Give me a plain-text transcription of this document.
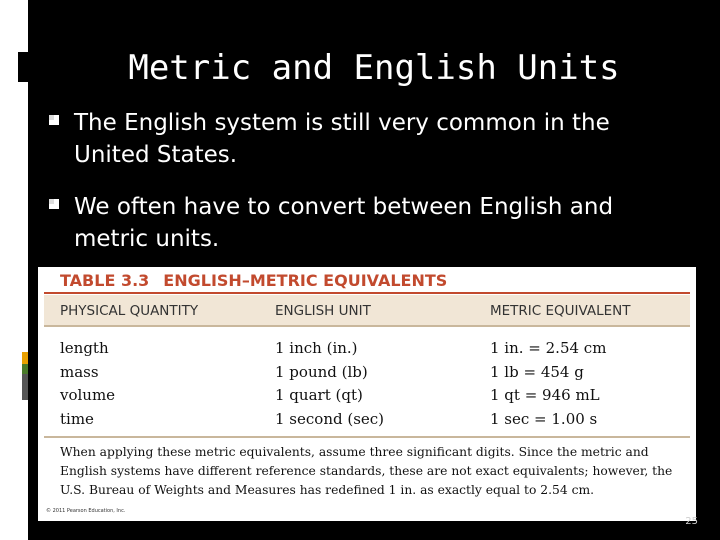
Metric and English Units
The English system is still very common in the United States.
We often have to convert between English and metric units.
TABLE 3.3 ENGLISH–METRIC EQUIVALENTS
PHYSICAL QUANTITY	ENGLISH UNIT	METRIC EQUIVALENT
length	1 inch (in.)	1 in. = 2.54 cm
mass	1 pound (lb)	1 lb = 454 g
volume	1 quart (qt)	1 qt = 946 mL
time	1 second (sec)	1 sec = 1.00 s
When applying these metric equivalents, assume three significant digits. Since the metric and English systems have different reference standards, these are not exact equivalents; however, the U.S. Bureau of Weights and Measures has redefined 1 in. as exactly equal to 2.54 cm.
© 2011 Pearson Education, Inc.
25
